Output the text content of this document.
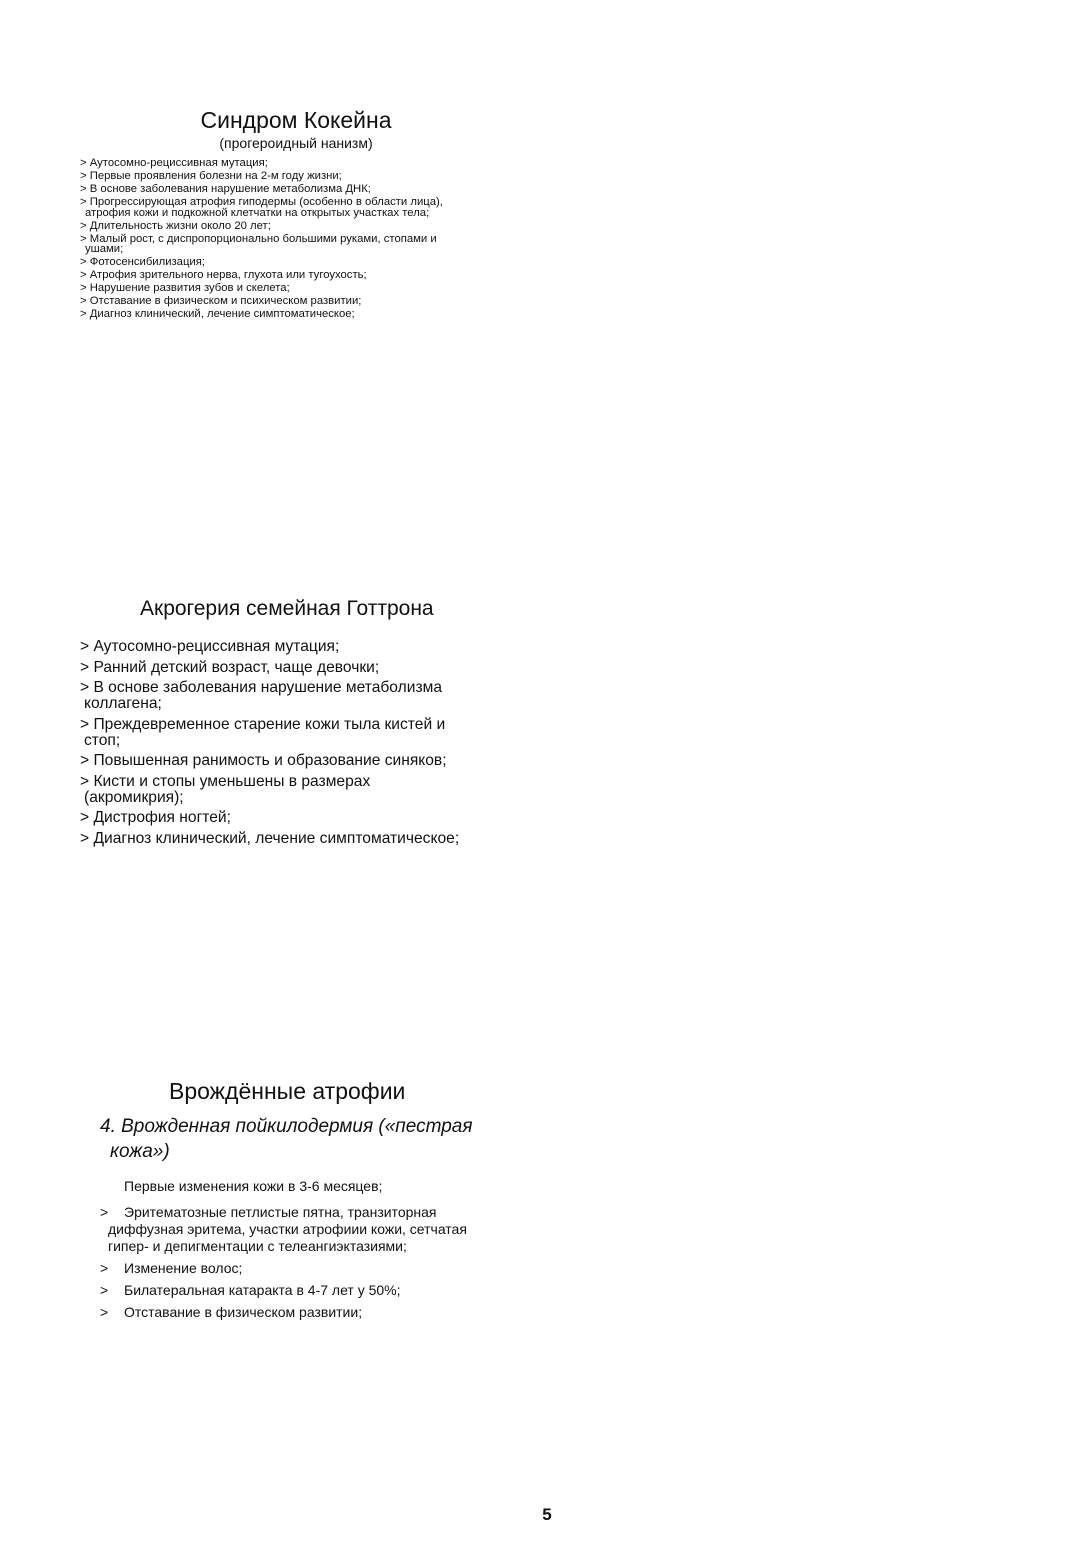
Синдром Кокейна

(прогероидный нанизм)

> Аутосомно-рециссивная мутация;
> Первые проявления болезни на 2-м году жизни;
> В основе заболевания нарушение метаболизма ДНК;
> Прогрессирующая атрофия гиподермы (особенно в области лица),
атрофия кожи и подкожной клетчатки на открытых участках тела;
> Длительность жизни около 20 лет;
> Малый рост, с диспропорционально большими руками, стопами и
ушами;
> Фотосенсибилизация;
> Атрофия зрительного нерва, глухота или тугоухость;
> Нарушение развития зубов и скелета;
> Отставание в физическом и психическом развитии;
> Диагноз клинический, лечение симптоматическое;
Акрогерия семейная Готтрона
> Аутосомно-рециссивная мутация;
> Ранний детский возраст, чаще девочки;
> В основе заболевания нарушение метаболизма
коллагена;
> Преждевременное старение кожи тыла кистей и
стоп;
> Повышенная ранимость и образование синяков;
> Кисти и стопы уменьшены в размерах
(акромикрия);
> Дистрофия ногтей;
> Диагноз клинический, лечение симптоматическое;
Врождённые атрофии

4. Врожденная пойкилодермия («пестрая
кожа»)

Первые изменения кожи в 3-6 месяцев;

> Эритематозные петлистые пятна, транзиторная
диффузная эритема, участки атрофиии кожи, сетчатая
гипер- и депигментации с телеангиэктазиями;
>	Изменение волос;
>	Билатеральная катаракта в 4-7 лет у 50%;
>	Отставание в физическом развитии;
5
